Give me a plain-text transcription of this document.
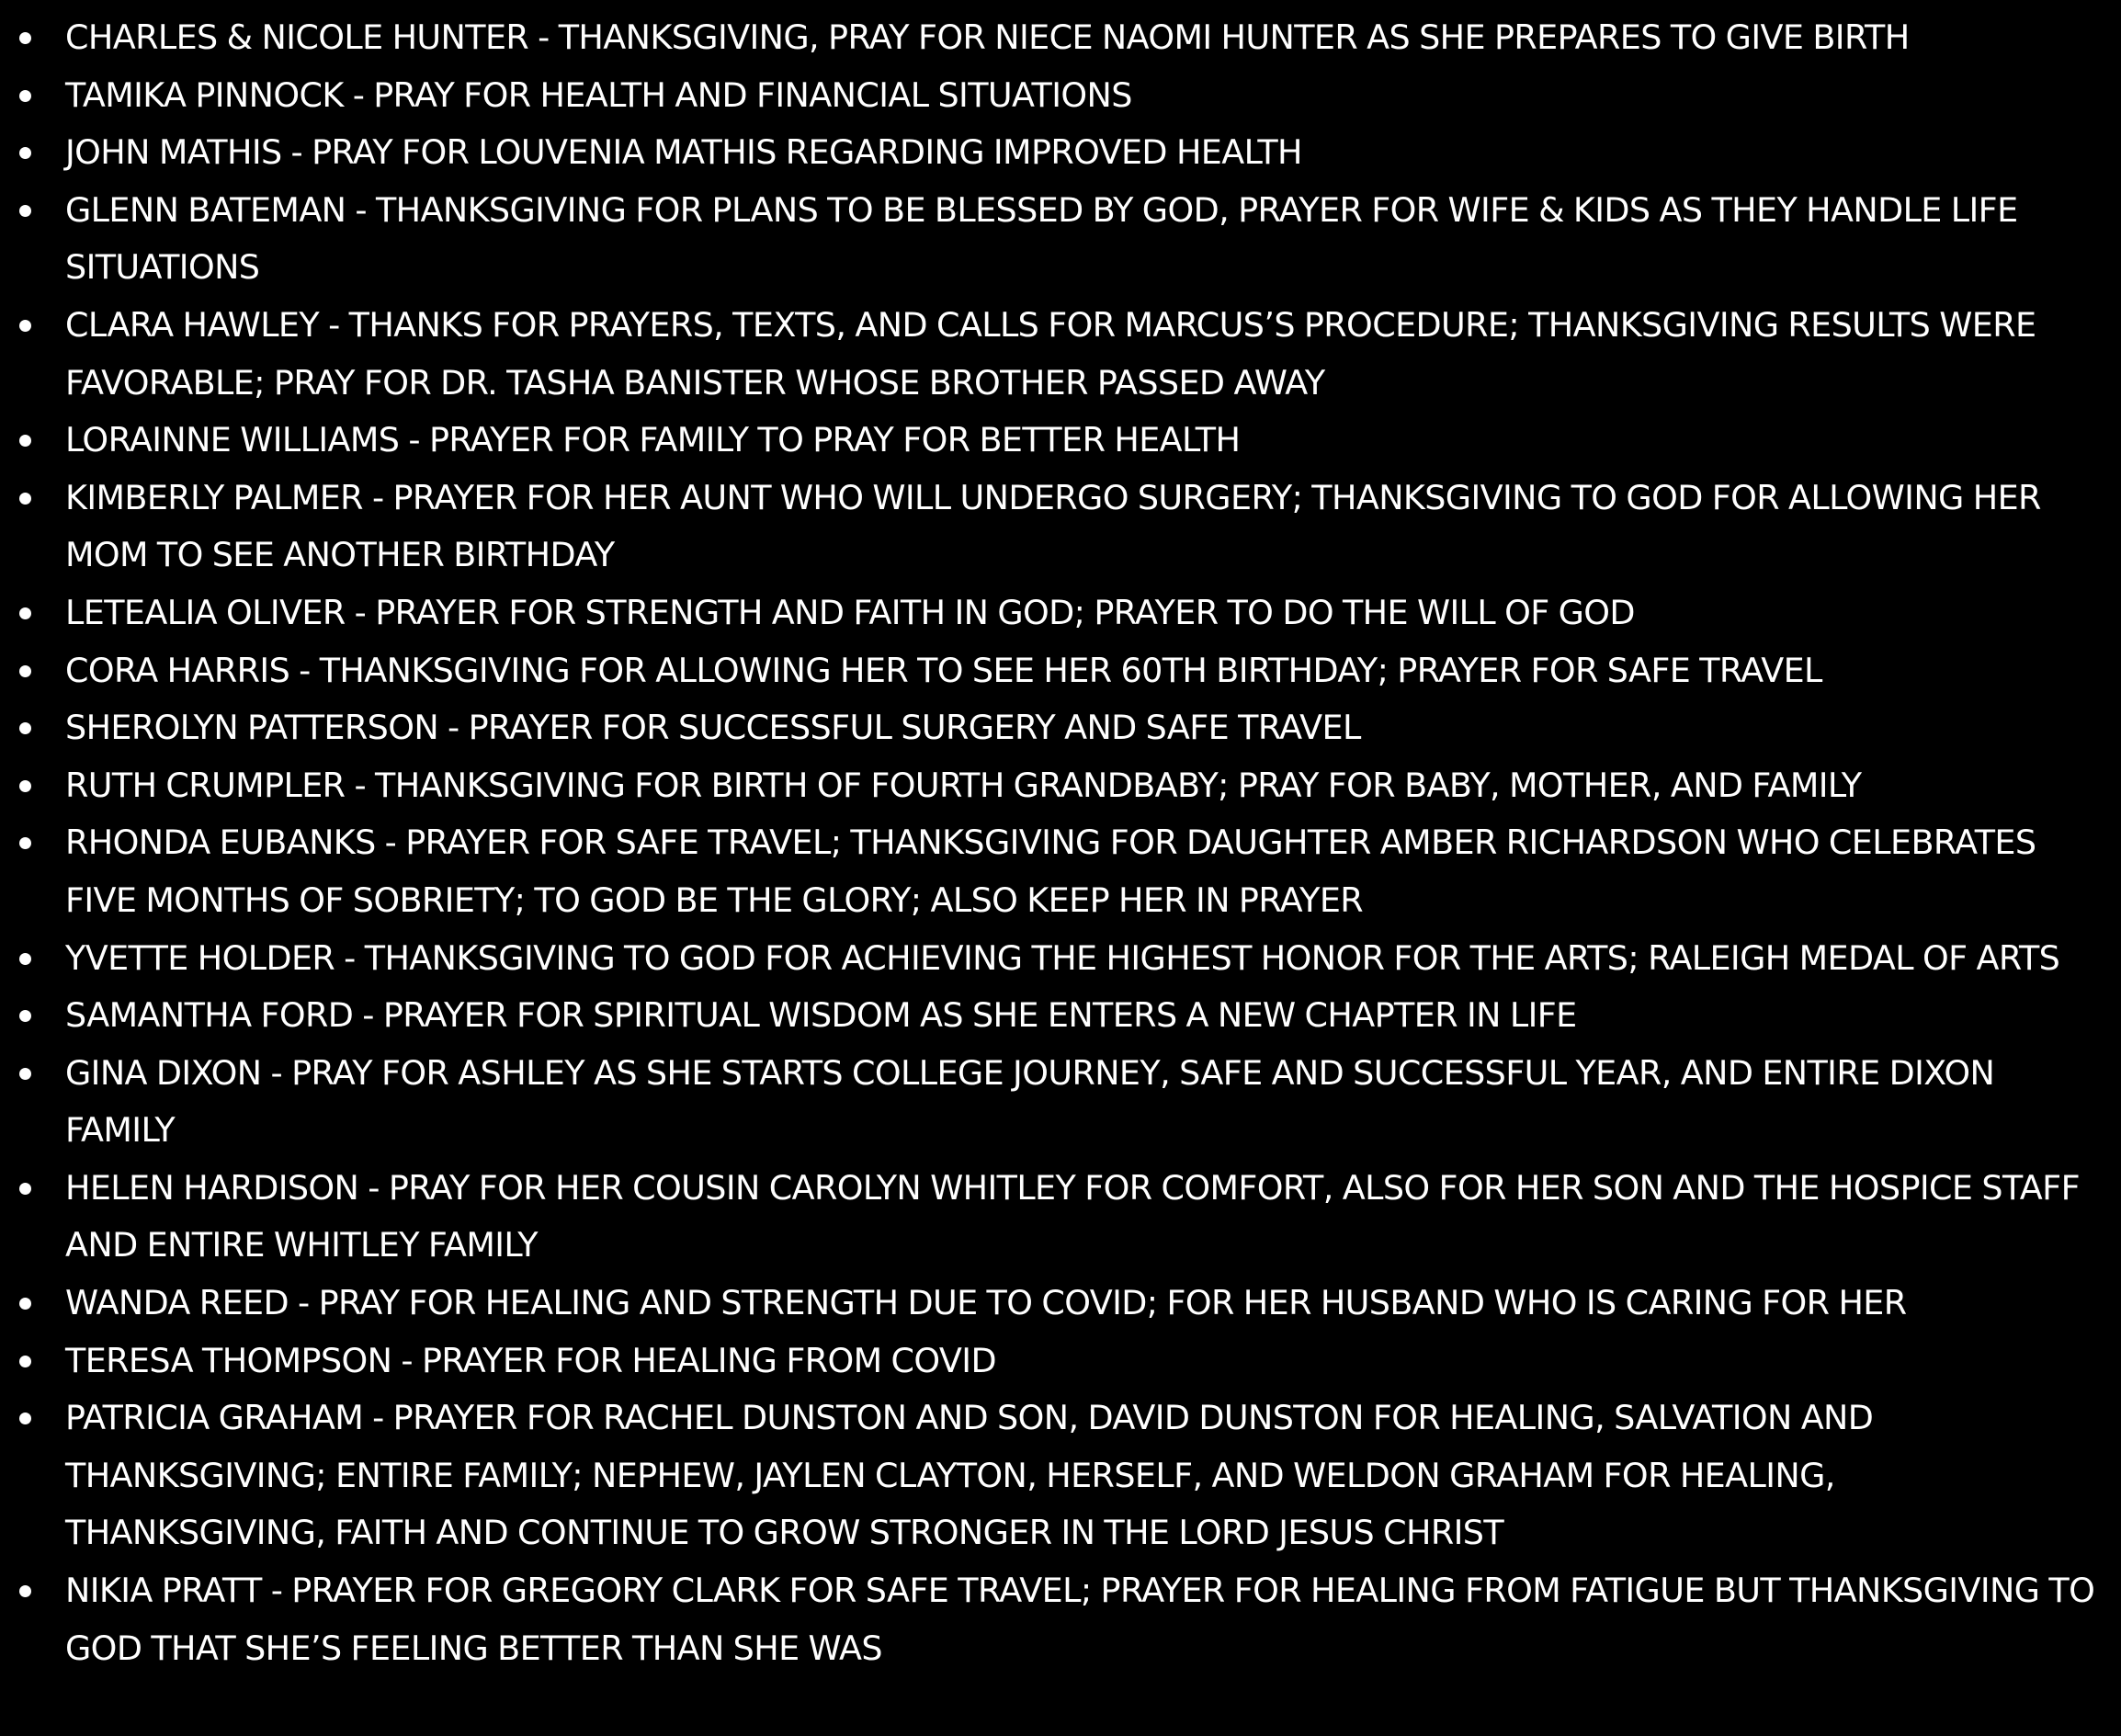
CHARLES & NICOLE HUNTER - THANKSGIVING, PRAY FOR NIECE NAOMI HUNTER AS SHE PREPARES TO GIVE BIRTH
TAMIKA PINNOCK - PRAY FOR HEALTH AND FINANCIAL SITUATIONS
JOHN MATHIS - PRAY FOR LOUVENIA MATHIS REGARDING IMPROVED HEALTH
GLENN BATEMAN - THANKSGIVING FOR PLANS TO BE BLESSED BY GOD, PRAYER FOR WIFE & KIDS AS THEY HANDLE LIFE SITUATIONS
CLARA HAWLEY - THANKS FOR PRAYERS, TEXTS, AND CALLS FOR MARCUS’S PROCEDURE; THANKSGIVING RESULTS WERE FAVORABLE; PRAY FOR DR. TASHA BANISTER WHOSE BROTHER PASSED AWAY
LORAINNE WILLIAMS - PRAYER FOR FAMILY TO PRAY FOR BETTER HEALTH
KIMBERLY PALMER - PRAYER FOR HER AUNT WHO WILL UNDERGO SURGERY; THANKSGIVING TO GOD FOR ALLOWING HER MOM TO SEE ANOTHER BIRTHDAY
LETEALIA OLIVER - PRAYER FOR STRENGTH AND FAITH IN GOD; PRAYER TO DO THE WILL OF GOD
CORA HARRIS - THANKSGIVING FOR ALLOWING HER TO SEE HER 60TH BIRTHDAY; PRAYER FOR SAFE TRAVEL
SHEROLYN PATTERSON - PRAYER FOR SUCCESSFUL SURGERY AND SAFE TRAVEL
RUTH CRUMPLER - THANKSGIVING FOR BIRTH OF FOURTH GRANDBABY; PRAY FOR BABY, MOTHER, AND FAMILY
RHONDA EUBANKS - PRAYER FOR SAFE TRAVEL; THANKSGIVING FOR DAUGHTER AMBER RICHARDSON WHO CELEBRATES FIVE MONTHS OF SOBRIETY; TO GOD BE THE GLORY; ALSO KEEP HER IN PRAYER
YVETTE HOLDER - THANKSGIVING TO GOD FOR ACHIEVING THE HIGHEST HONOR FOR THE ARTS; RALEIGH MEDAL OF ARTS
SAMANTHA FORD - PRAYER FOR SPIRITUAL WISDOM AS SHE ENTERS A NEW CHAPTER IN LIFE
GINA DIXON - PRAY FOR ASHLEY AS SHE STARTS COLLEGE JOURNEY, SAFE AND SUCCESSFUL YEAR, AND ENTIRE DIXON FAMILY
HELEN HARDISON - PRAY FOR HER COUSIN CAROLYN WHITLEY FOR COMFORT, ALSO FOR HER SON AND THE HOSPICE STAFF AND ENTIRE WHITLEY FAMILY
WANDA REED - PRAY FOR HEALING AND STRENGTH DUE TO COVID; FOR HER HUSBAND WHO IS CARING FOR HER
TERESA THOMPSON - PRAYER FOR HEALING FROM COVID
PATRICIA GRAHAM - PRAYER FOR RACHEL DUNSTON AND SON, DAVID DUNSTON FOR HEALING, SALVATION AND THANKSGIVING; ENTIRE FAMILY; NEPHEW, JAYLEN CLAYTON, HERSELF, AND WELDON GRAHAM FOR HEALING, THANKSGIVING, FAITH AND CONTINUE TO GROW STRONGER IN THE LORD JESUS CHRIST
NIKIA PRATT - PRAYER FOR GREGORY CLARK FOR SAFE TRAVEL; PRAYER FOR HEALING FROM FATIGUE BUT THANKSGIVING TO GOD THAT SHE’S FEELING BETTER THAN SHE WAS
